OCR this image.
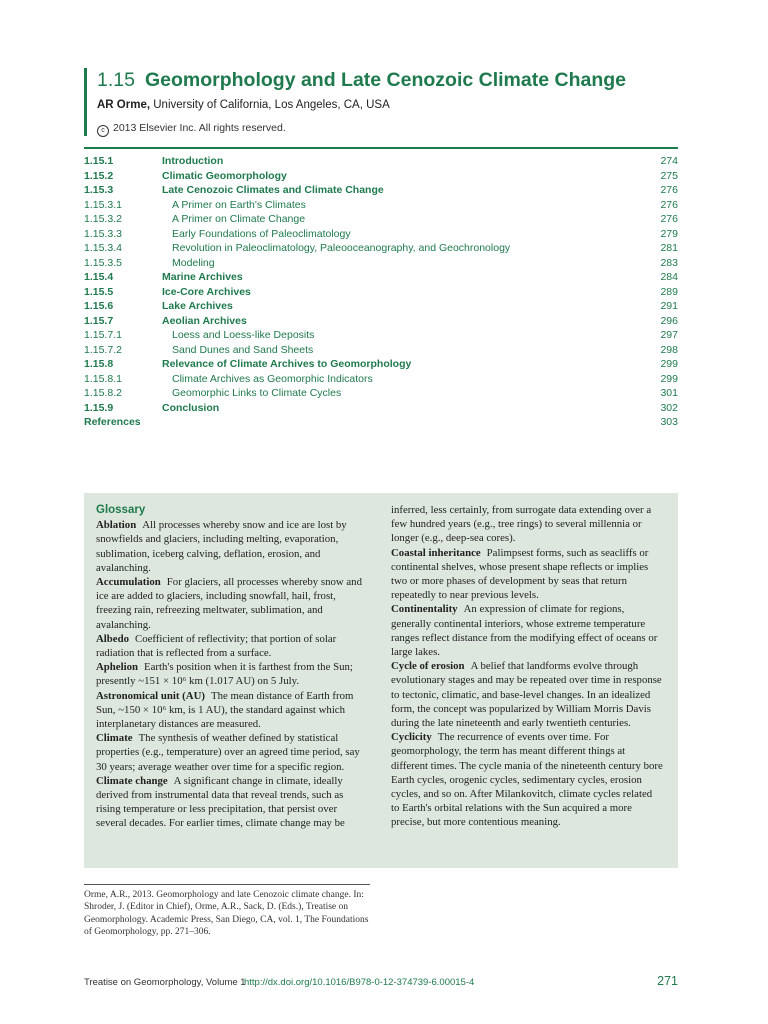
1.15 Geomorphology and Late Cenozoic Climate Change
AR Orme, University of California, Los Angeles, CA, USA
c 2013 Elsevier Inc. All rights reserved.
1.15.1	Introduction	274
1.15.2	Climatic Geomorphology	275
1.15.3	Late Cenozoic Climates and Climate Change	276
1.15.3.1	A Primer on Earth's Climates	276
1.15.3.2	A Primer on Climate Change	276
1.15.3.3	Early Foundations of Paleoclimatology	279
1.15.3.4	Revolution in Paleoclimatology, Paleooceanography, and Geochronology	281
1.15.3.5	Modeling	283
1.15.4	Marine Archives	284
1.15.5	Ice-Core Archives	289
1.15.6	Lake Archives	291
1.15.7	Aeolian Archives	296
1.15.7.1	Loess and Loess-like Deposits	297
1.15.7.2	Sand Dunes and Sand Sheets	298
1.15.8	Relevance of Climate Archives to Geomorphology	299
1.15.8.1	Climate Archives as Geomorphic Indicators	299
1.15.8.2	Geomorphic Links to Climate Cycles	301
1.15.9	Conclusion	302
References	303
Glossary

Ablation All processes whereby snow and ice are lost by snowfields and glaciers, including melting, evaporation, sublimation, iceberg calving, deflation, erosion, and avalanching.

Accumulation For glaciers, all processes whereby snow and ice are added to glaciers, including snowfall, hail, frost, freezing rain, refreezing meltwater, sublimation, and avalanching.

Albedo Coefficient of reflectivity; that portion of solar radiation that is reflected from a surface.

Aphelion Earth's position when it is farthest from the Sun; presently ~151 × 10⁶ km (1.017 AU) on 5 July.

Astronomical unit (AU) The mean distance of Earth from Sun, ~150 × 10⁶ km, is 1 AU), the standard against which interplanetary distances are measured.

Climate The synthesis of weather defined by statistical properties (e.g., temperature) over an agreed time period, say 30 years; average weather over time for a specific region.

Climate change A significant change in climate, ideally derived from instrumental data that reveal trends, such as rising temperature or less precipitation, that persist over several decades. For earlier times, climate change may be

inferred, less certainly, from surrogate data extending over a few hundred years (e.g., tree rings) to several millennia or longer (e.g., deep-sea cores).

Coastal inheritance Palimpsest forms, such as seacliffs or continental shelves, whose present shape reflects or implies two or more phases of development by seas that return repeatedly to near previous levels.

Continentality An expression of climate for regions, generally continental interiors, whose extreme temperature ranges reflect distance from the modifying effect of oceans or large lakes.

Cycle of erosion A belief that landforms evolve through evolutionary stages and may be repeated over time in response to tectonic, climatic, and base-level changes. In an idealized form, the concept was popularized by William Morris Davis during the late nineteenth and early twentieth centuries.

Cyclicity The recurrence of events over time. For geomorphology, the term has meant different things at different times. The cycle mania of the nineteenth century bore Earth cycles, orogenic cycles, sedimentary cycles, erosion cycles, and so on. After Milankovitch, climate cycles related to Earth's orbital relations with the Sun acquired a more precise, but more contentious meaning.

Orme, A.R., 2013. Geomorphology and late Cenozoic climate change. In: Shroder, J. (Editor in Chief), Orme, A.R., Sack, D. (Eds.), Treatise on Geomorphology. Academic Press, San Diego, CA, vol. 1, The Foundations of Geomorphology, pp. 271–306.
Treatise on Geomorphology, Volume 1
http://dx.doi.org/10.1016/B978-0-12-374739-6.00015-4	271
